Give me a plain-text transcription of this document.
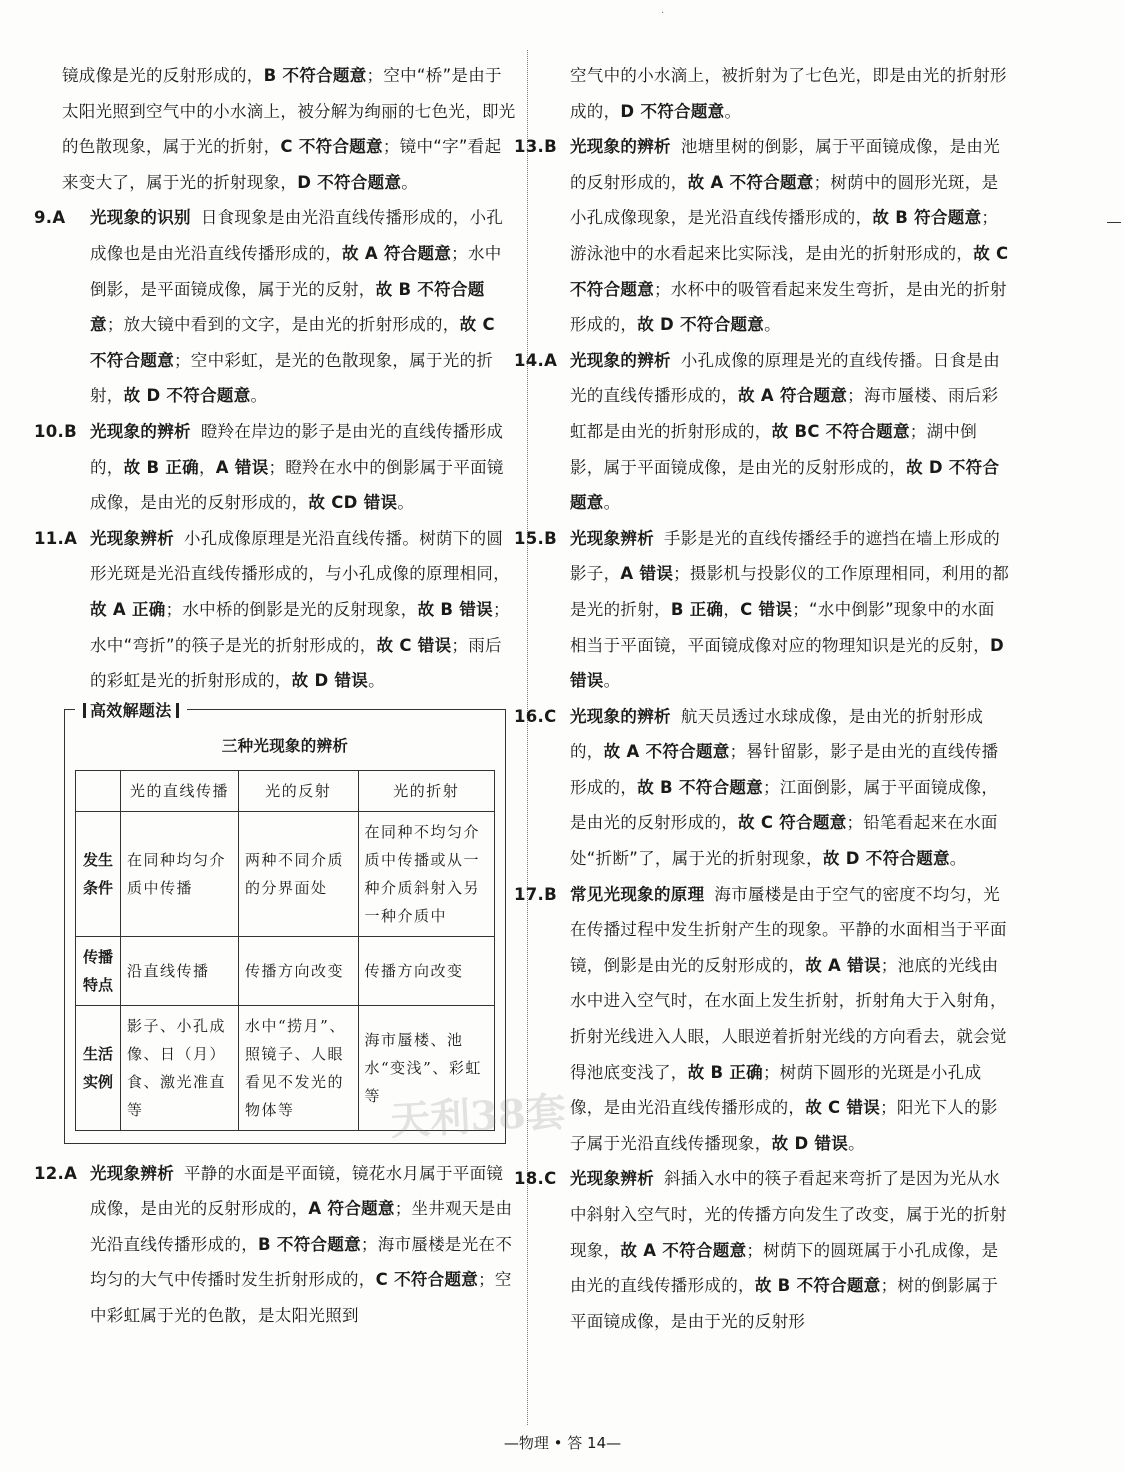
·

镜成像是光的反射形成的，B 不符合题意；空中“桥”是由于太阳光照到空气中的小水滴上，被分解为绚丽的七色光，即光的色散现象，属于光的折射，C 不符合题意；镜中“字”看起来变大了，属于光的折射现象，D 不符合题意。

9.A 光现象的识别 日食现象是由光沿直线传播形成的，小孔成像也是由光沿直线传播形成的，故 A 符合题意；水中倒影，是平面镜成像，属于光的反射，故 B 不符合题意；放大镜中看到的文字，是由光的折射形成的，故 C 不符合题意；空中彩虹，是光的色散现象，属于光的折射，故 D 不符合题意。

10.B 光现象的辨析 瞪羚在岸边的影子是由光的直线传播形成的，故 B 正确，A 错误；瞪羚在水中的倒影属于平面镜成像，是由光的反射形成的，故 CD 错误。

11.A 光现象辨析 小孔成像原理是光沿直线传播。树荫下的圆形光斑是光沿直线传播形成的，与小孔成像的原理相同，故 A 正确；水中桥的倒影是光的反射现象，故 B 错误；水中“弯折”的筷子是光的折射形成的，故 C 错误；雨后的彩虹是光的折射形成的，故 D 错误。

高效解题法
三种光现象的辨析
	光的直线传播	光的反射	光的折射
发生条件	在同种均匀介质中传播	两种不同介质的分界面处	在同种不均匀介质中传播或从一种介质斜射入另一种介质中
传播特点	沿直线传播	传播方向改变	传播方向改变
生活实例	影子、小孔成像、日（月）食、激光准直等	水中“捞月”、照镜子、人眼看见不发光的物体等	海市蜃楼、池水“变浅”、彩虹等

12.A 光现象辨析 平静的水面是平面镜，镜花水月属于平面镜成像，是由光的反射形成的，A 符合题意；坐井观天是由光沿直线传播形成的，B 不符合题意；海市蜃楼是光在不均匀的大气中传播时发生折射形成的，C 不符合题意；空中彩虹属于光的色散，是太阳光照到

空气中的小水滴上，被折射为了七色光，即是由光的折射形成的，D 不符合题意。

13.B 光现象的辨析 池塘里树的倒影，属于平面镜成像，是由光的反射形成的，故 A 不符合题意；树荫中的圆形光斑，是小孔成像现象，是光沿直线传播形成的，故 B 符合题意；游泳池中的水看起来比实际浅，是由光的折射形成的，故 C 不符合题意；水杯中的吸管看起来发生弯折，是由光的折射形成的，故 D 不符合题意。

14.A 光现象的辨析 小孔成像的原理是光的直线传播。日食是由光的直线传播形成的，故 A 符合题意；海市蜃楼、雨后彩虹都是由光的折射形成的，故 BC 不符合题意；湖中倒影，属于平面镜成像，是由光的反射形成的，故 D 不符合题意。

15.B 光现象辨析 手影是光的直线传播经手的遮挡在墙上形成的影子，A 错误；摄影机与投影仪的工作原理相同，利用的都是光的折射，B 正确，C 错误；“水中倒影”现象中的水面相当于平面镜，平面镜成像对应的物理知识是光的反射，D 错误。

16.C 光现象的辨析 航天员透过水球成像，是由光的折射形成的，故 A 不符合题意；晷针留影，影子是由光的直线传播形成的，故 B 不符合题意；江面倒影，属于平面镜成像，是由光的反射形成的，故 C 符合题意；铅笔看起来在水面处“折断”了，属于光的折射现象，故 D 不符合题意。

17.B 常见光现象的原理 海市蜃楼是由于空气的密度不均匀，光在传播过程中发生折射产生的现象。平静的水面相当于平面镜，倒影是由光的反射形成的，故 A 错误；池底的光线由水中进入空气时，在水面上发生折射，折射角大于入射角，折射光线进入人眼，人眼逆着折射光线的方向看去，就会觉得池底变浅了，故 B 正确；树荫下圆形的光斑是小孔成像，是由光沿直线传播形成的，故 C 错误；阳光下人的影子属于光沿直线传播现象，故 D 错误。

18.C 光现象辨析 斜插入水中的筷子看起来弯折了是因为光从水中斜射入空气时，光的传播方向发生了改变，属于光的折射现象，故 A 不符合题意；树荫下的圆斑属于小孔成像，是由光的直线传播形成的，故 B 不符合题意；树的倒影属于平面镜成像，是由于光的反射形

天利38套
—物理 • 答 14—
